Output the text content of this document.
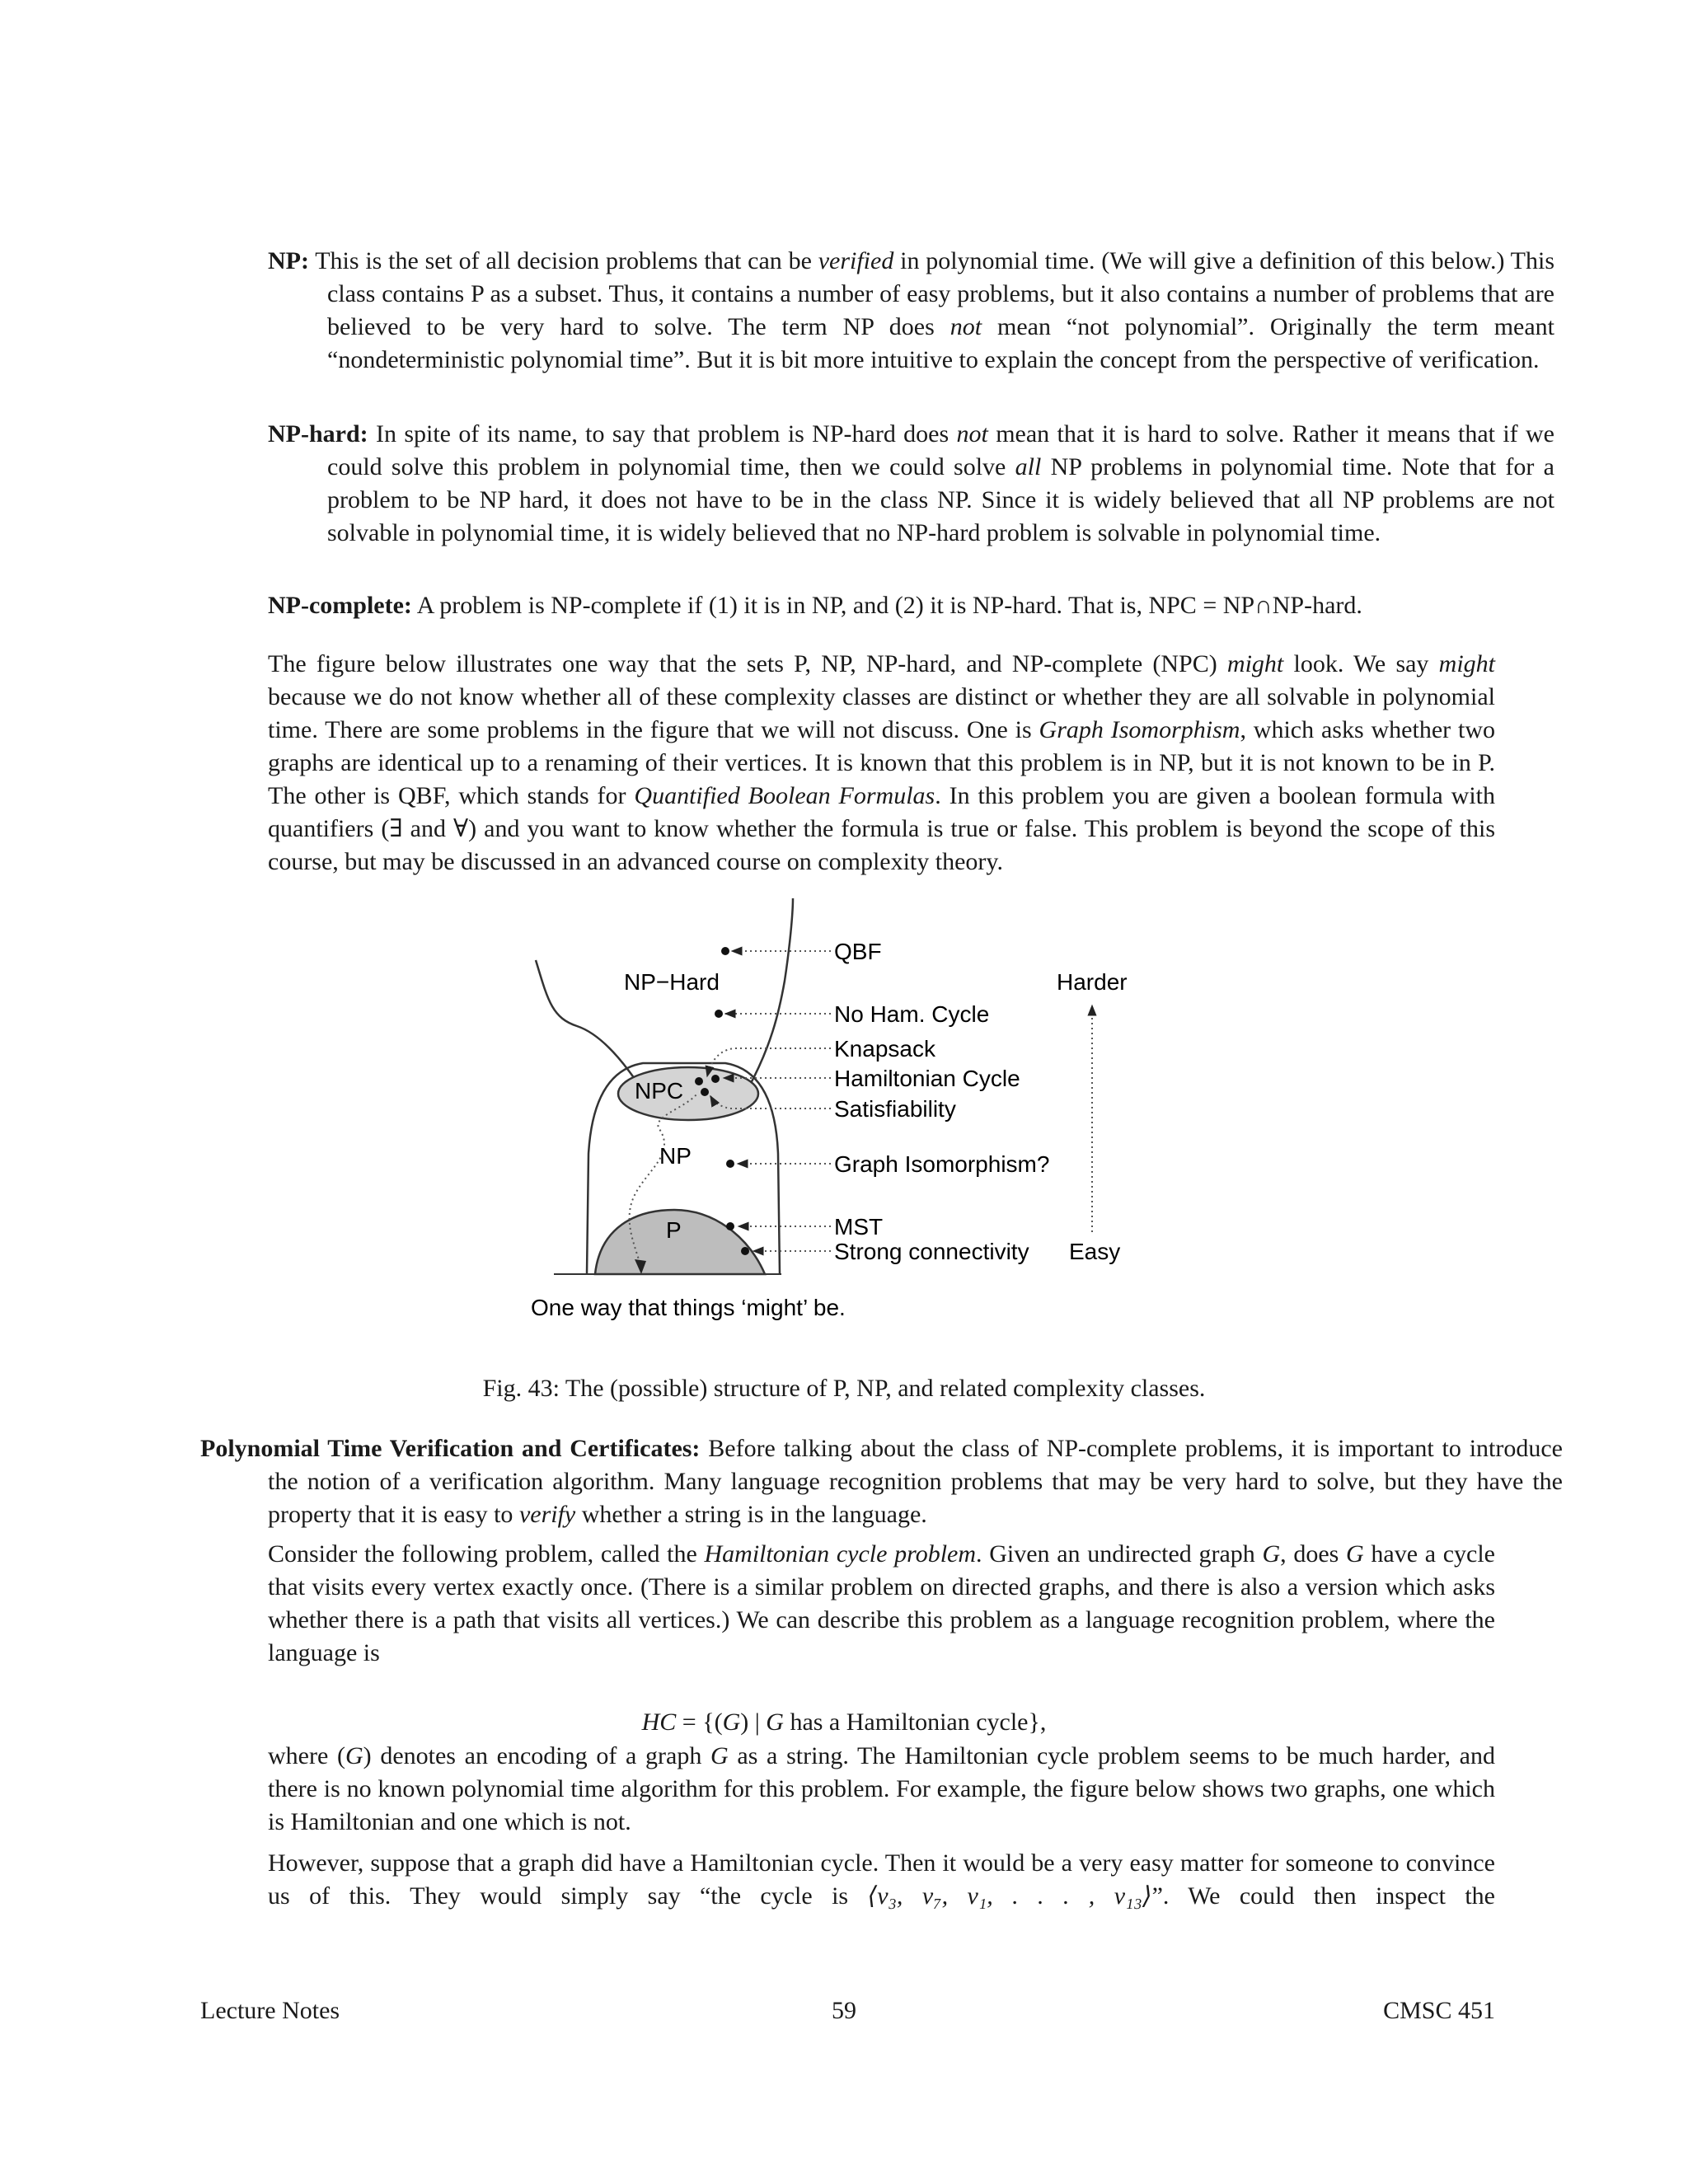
NP: This is the set of all decision problems that can be verified in polynomial time. (We will give a definition of this below.) This class contains P as a subset. Thus, it contains a number of easy problems, but it also contains a number of problems that are believed to be very hard to solve. The term NP does not mean “not polynomial”. Originally the term meant “nondeterministic polynomial time”. But it is bit more intuitive to explain the concept from the perspective of verification.

NP-hard: In spite of its name, to say that problem is NP-hard does not mean that it is hard to solve. Rather it means that if we could solve this problem in polynomial time, then we could solve all NP problems in polynomial time. Note that for a problem to be NP hard, it does not have to be in the class NP. Since it is widely believed that all NP problems are not solvable in polynomial time, it is widely believed that no NP-hard problem is solvable in polynomial time.

NP-complete: A problem is NP-complete if (1) it is in NP, and (2) it is NP-hard. That is, NPC = NP∩NP-hard.

The figure below illustrates one way that the sets P, NP, NP-hard, and NP-complete (NPC) might look. We say might because we do not know whether all of these complexity classes are distinct or whether they are all solvable in polynomial time. There are some problems in the figure that we will not discuss. One is Graph Isomorphism, which asks whether two graphs are identical up to a renaming of their vertices. It is known that this problem is in NP, but it is not known to be in P. The other is QBF, which stands for Quantified Boolean Formulas. In this problem you are given a boolean formula with quantifiers (∃ and ∀) and you want to know whether the formula is true or false. This problem is beyond the scope of this course, but may be discussed in an advanced course on complexity theory.

QBF
NP−Hard	Harder
No Ham. Cycle
Knapsack
Hamiltonian Cycle
NPC
Satisfiability
NP	Graph Isomorphism?
P	MST
Strong connectivity Easy
One way that things ‘might’ be.
Fig. 43: The (possible) structure of P, NP, and related complexity classes.

Polynomial Time Verification and Certificates: Before talking about the class of NP-complete problems, it is important to introduce the notion of a verification algorithm. Many language recognition problems that may be very hard to solve, but they have the property that it is easy to verify whether a string is in the language.

Consider the following problem, called the Hamiltonian cycle problem. Given an undirected graph G, does G have a cycle that visits every vertex exactly once. (There is a similar problem on directed graphs, and there is also a version which asks whether there is a path that visits all vertices.) We can describe this problem as a language recognition problem, where the language is

HC = {(G) | G has a Hamiltonian cycle},

where (G) denotes an encoding of a graph G as a string. The Hamiltonian cycle problem seems to be much harder, and there is no known polynomial time algorithm for this problem. For example, the figure below shows two graphs, one which is Hamiltonian and one which is not.

However, suppose that a graph did have a Hamiltonian cycle. Then it would be a very easy matter for someone to convince us of this. They would simply say “the cycle is ⟨v₃, v₇, v₁, . . . , v₁₃⟩”. We could then inspect the

Lecture Notes	59	CMSC 451
